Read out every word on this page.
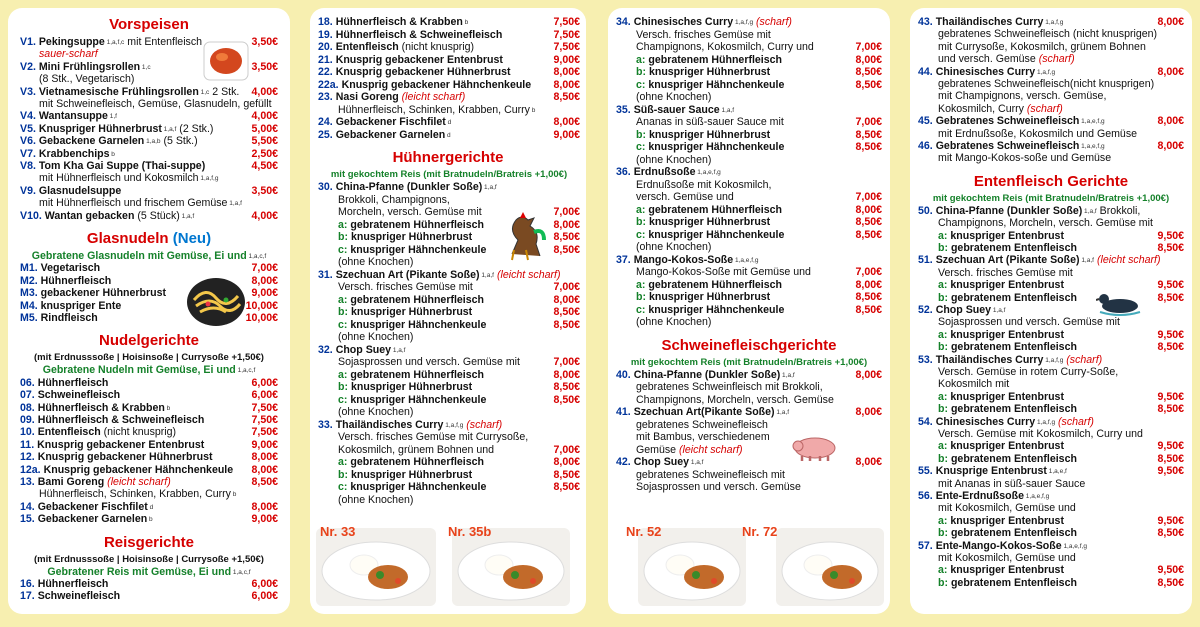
Vorspeisen
V1. Pekingsuppe 1,a,f,c mit Entenfleisch	3,50€
sauer-scharf
V2. Mini Frühlingsrollen 1,c	3,50€
(8 Stk., Vegetarisch)
V3. Vietnamesische Frühlingsrollen 1,c 2 Stk. 4,00€
mit Schweinefleisch, Gemüse, Glasnudeln, gefüllt
V4. Wantansuppe 1,f	4,00€
V5. Knuspriger Hühnerbrust 1,a,f (2 Stk.)	5,00€
V6. Gebackene Garnelen 1,a,b (5 Stk.)	5,50€
V7. Krabbenchips b	2,50€
V8. Tom Kha Gai Suppe (Thai-suppe)	4,50€
mit Hühnerfleisch und Kokosmilch 1,a,f,g
V9. Glasnudelsuppe	3,50€
mit Hühnerfleisch und frischem Gemüse 1,a,f
V10. Wantan gebacken (5 Stück) 1,a,f	4,00€
Glasnudeln (Neu)
Gebratene Glasnudeln mit Gemüse, Ei und 1,a,c,f
M1. Vegetarisch	7,00€
M2. Hühnerfleisch	8,00€
M3. gebackener Hühnerbrust	9,00€
M4. knuspriger Ente	10,00€
M5. Rindfleisch	10,00€
Nudelgerichte
(mit Erdnusssoße | Hoisinsoße | Currysoße +1,50€)
Gebratene Nudeln mit Gemüse, Ei und 1,a,c,f
06. Hühnerfleisch	6,00€
07. Schweinefleisch	6,00€
08. Hühnerfleisch & Krabben b	7,50€
09. Hühnerfleisch & Schweinefleisch	7,50€
10. Entenfleisch (nicht knusprig)	7,50€
11. Knusprig gebackener Entenbrust	9,00€
12. Knusprig gebackener Hühnerbrust	8,00€
12a. Knusprig gebackener Hähnchenkeule 8,00€
13. Bami Goreng (leicht scharf)	8,50€
Hühnerfleisch, Schinken, Krabben, Curry b
14. Gebackener Fischfilet d	8,00€
15. Gebackener Garnelen b	9,00€
Reisgerichte
(mit Erdnusssoße | Hoisinsoße | Currysoße +1,50€)
Gebratener Reis mit Gemüse, Ei und 1,a,c,f
16. Hühnerfleisch	6,00€
17. Schweinefleisch	6,00€
18. Hühnerfleisch & Krabben b	7,50€
19. Hühnerfleisch & Schweinefleisch	7,50€
20. Entenfleisch (nicht knusprig)	7,50€
21. Knusprig gebackener Entenbrust	9,00€
22. Knusprig gebackener Hühnerbrust	8,00€
22a. Knusprig gebackener Hähnchenkeule 8,00€
23. Nasi Goreng (leicht scharf)	8,50€
Hühnerfleisch, Schinken, Krabben, Curry b
24. Gebackener Fischfilet d	8,00€
25. Gebackener Garnelen d	9,00€
Hühnergerichte
mit gekochtem Reis (mit Bratnudeln/Bratreis +1,00€)
30. China-Pfanne (Dunkler Soße) 1,a,f
Brokkoli, Champignons,
Morcheln, versch. Gemüse mit	7,00€
a: gebratenem Hühnerfleisch	8,00€
b: knuspriger Hühnerbrust	8,50€
c: knuspriger Hähnchenkeule	8,50€
(ohne Knochen)
31. Szechuan Art (Pikante Soße) 1,a,f (leicht scharf)
Versch. frisches Gemüse mit	7,00€
a: gebratenem Hühnerfleisch	8,00€
b: knuspriger Hühnerbrust	8,50€
c: knuspriger Hähnchenkeule	8,50€
(ohne Knochen)
32. Chop Suey 1,a,f
Sojasprossen und versch. Gemüse mit	7,00€
a: gebratenem Hühnerfleisch	8,00€
b: knuspriger Hühnerbrust	8,50€
c: knuspriger Hähnchenkeule	8,50€
(ohne Knochen)
33. Thailändisches Curry 1,a,f,g (scharf)
Versch. frisches Gemüse mit Currysoße,
Kokosmilch, grünem Bohnen und	7,00€
a: gebratenem Hühnerfleisch	8,00€
b: knuspriger Hühnerbrust	8,50€
c: knuspriger Hähnchenkeule	8,50€
(ohne Knochen)
Nr. 33	Nr. 35b
34. Chinesisches Curry 1,a,f,g (scharf)
Versch. frisches Gemüse mit
Champignons, Kokosmilch, Curry und	7,00€
a: gebratenem Hühnerfleisch	8,00€
b: knuspriger Hühnerbrust	8,50€
c: knuspriger Hähnchenkeule	8,50€
(ohne Knochen)
35. Süß-sauer Sauce 1,a,f
Ananas in süß-sauer Sauce mit	7,00€
b: knuspriger Hühnerbrust	8,50€
c: knuspriger Hähnchenkeule	8,50€
(ohne Knochen)
36. Erdnußsoße 1,a,e,f,g
Erdnußsoße mit Kokosmilch,
versch. Gemüse und	7,00€
a: gebratenem Hühnerfleisch	8,00€
b: knuspriger Hühnerbrust	8,50€
c: knuspriger Hähnchenkeule	8,50€
(ohne Knochen)
37. Mango-Kokos-Soße 1,a,e,f,g
Mango-Kokos-Soße mit Gemüse und	7,00€
a: gebratenem Hühnerfleisch	8,00€
b: knuspriger Hühnerbrust	8,50€
c: knuspriger Hähnchenkeule	8,50€
(ohne Knochen)
Schweinefleischgerichte
mit gekochtem Reis (mit Bratnudeln/Bratreis +1,00€)
40. China-Pfanne (Dunkler Soße) 1,a,f	8,00€
gebratenes Schweinfleisch mit Brokkoli,
Champignons, Morcheln, versch. Gemüse
41. Szechuan Art(Pikante Soße) 1,a,f	8,00€
gebratenes Schweinefleisch
mit Bambus, verschiedenem
Gemüse (leicht scharf)
42. Chop Suey 1,a,f	8,00€
gebratenes Schweinefleisch mit
Sojasprossen und versch. Gemüse
Nr. 52	Nr. 72
43. Thailändisches Curry 1,a,f,g	8,00€
gebratenes Schweinefleisch (nicht knusprigen)
mit Currysoße, Kokosmilch, grünem Bohnen
und versch. Gemüse (scharf)
44. Chinesisches Curry 1,a,f,g	8,00€
gebratenes Schweinefleisch(nicht knusprigen)
mit Champignons, versch. Gemüse,
Kokosmilch, Curry (scharf)
45. Gebratenes Schweinefleisch 1,a,e,f,g	8,00€
mit Erdnußsoße, Kokosmilch und Gemüse
46. Gebratenes Schweinefleisch 1,a,e,f,g	8,00€
mit Mango-Kokos-soße und Gemüse
Entenfleisch Gerichte
mit gekochtem Reis (mit Bratnudeln/Bratreis +1,00€)
50. China-Pfanne (Dunkler Soße) 1,a,f Brokkoli,
Champignons, Morcheln, versch. Gemüse mit
a: knuspriger Entenbrust	9,50€
b: gebratenem Entenfleisch	8,50€
51. Szechuan Art (Pikante Soße) 1,a,f (leicht scharf)
Versch. frisches Gemüse mit
a: knuspriger Entenbrust	9,50€
b: gebratenem Entenfleisch	8,50€
52. Chop Suey 1,a,f
Sojasprossen und versch. Gemüse mit
a: knuspriger Entenbrust	9,50€
b: gebratenem Entenfleisch	8,50€
53. Thailändisches Curry 1,a,f,g (scharf)
Versch. Gemüse in rotem Curry-Soße,
Kokosmilch mit
a: knuspriger Entenbrust	9,50€
b: gebratenem Entenfleisch	8,50€
54. Chinesisches Curry 1,a,f,g (scharf)
Versch. Gemüse mit Kokosmilch, Curry und
a: knuspriger Entenbrust	9,50€
b: gebratenem Entenfleisch	8,50€
55. Knusprige Entenbrust 1,a,e,f	9,50€
mit Ananas in süß-sauer Sauce
56. Ente-Erdnußsoße 1,a,e,f,g
mit Kokosmilch, Gemüse und
a: knuspriger Entenbrust	9,50€
b: gebratenem Entenfleisch	8,50€
57. Ente-Mango-Kokos-Soße 1,a,e,f,g
mit Kokosmilch, Gemüse und
a: knuspriger Entenbrust	9,50€
b: gebratenem Entenfleisch	8,50€
